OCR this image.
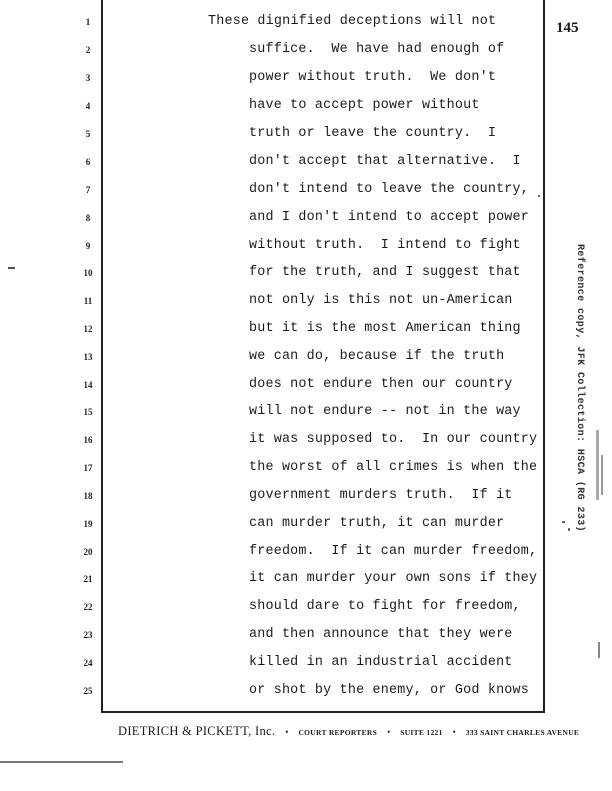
145
1
2
3
4
5
6
7
8
9
10
11
12
13
14
15
16
17
18
19
20
21
22
23
24
25
These dignified deceptions will not
suffice.  We have had enough of
power without truth.  We don't
have to accept power without
truth or leave the country.  I
don't accept that alternative.  I
don't intend to leave the country,
and I don't intend to accept power
without truth.  I intend to fight
for the truth, and I suggest that
not only is this not un-American
but it is the most American thing
we can do, because if the truth
does not endure then our country
will not endure -- not in the way
it was supposed to.  In our country
the worst of all crimes is when the
government murders truth.  If it
can murder truth, it can murder
freedom.  If it can murder freedom,
it can murder your own sons if they
should dare to fight for freedom,
and then announce that they were
killed in an industrial accident
or shot by the enemy, or God knows
Reference copy, JFK Collection: HSCA (RG 233)
DIETRICH & PICKETT, Inc. • COURT REPORTERS • SUITE 1221 • 333 SAINT CHARLES AVENUE
